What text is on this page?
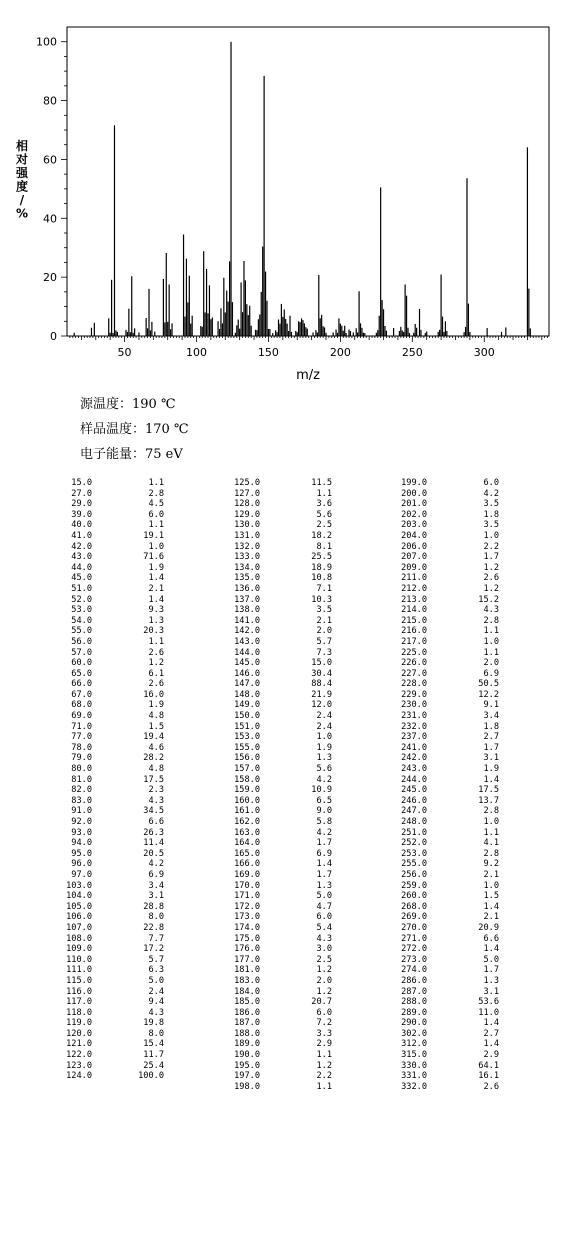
50	100	150	200	250	300
0
20
40
60
80
100
m/z
相对强度/ %
源温度：190 ℃
样品温度：170 ℃
电子能量：75 eV
15.0	1.1
27.0	2.8
29.0	4.5
39.0	6.0
40.0	1.1
41.0	19.1
42.0	1.0
43.0	71.6
44.0	1.9
45.0	1.4
51.0	2.1
52.0	1.4
53.0	9.3
54.0	1.3
55.0	20.3
56.0	1.1
57.0	2.6
60.0	1.2
65.0	6.1
66.0	2.6
67.0	16.0
68.0	1.9
69.0	4.8
71.0	1.5
77.0	19.4
78.0	4.6
79.0	28.2
80.0	4.8
81.0	17.5
82.0	2.3
83.0	4.3
91.0	34.5
92.0	6.6
93.0	26.3
94.0	11.4
95.0	20.5
96.0	4.2
97.0	6.9
103.0	3.4
104.0	3.1
105.0	28.8
106.0	8.0
107.0	22.8
108.0	7.7
109.0	17.2
110.0	5.7
111.0	6.3
115.0	5.0
116.0	2.4
117.0	9.4
118.0	4.3
119.0	19.8
120.0	8.0
121.0	15.4
122.0	11.7
123.0	25.4
124.0	100.0
125.0	11.5
127.0	1.1
128.0	3.6
129.0	5.6
130.0	2.5
131.0	18.2
132.0	8.1
133.0	25.5
134.0	18.9
135.0	10.8
136.0	7.1
137.0	10.3
138.0	3.5
141.0	2.1
142.0	2.0
143.0	5.7
144.0	7.3
145.0	15.0
146.0	30.4
147.0	88.4
148.0	21.9
149.0	12.0
150.0	2.4
151.0	2.4
153.0	1.0
155.0	1.9
156.0	1.3
157.0	5.6
158.0	4.2
159.0	10.9
160.0	6.5
161.0	9.0
162.0	5.8
163.0	4.2
164.0	1.7
165.0	6.9
166.0	1.4
169.0	1.7
170.0	1.3
171.0	5.0
172.0	4.7
173.0	6.0
174.0	5.4
175.0	4.3
176.0	3.0
177.0	2.5
181.0	1.2
183.0	2.0
184.0	1.2
185.0	20.7
186.0	6.0
187.0	7.2
188.0	3.3
189.0	2.9
190.0	1.1
195.0	1.2
197.0	2.2
198.0	1.1
199.0	6.0
200.0	4.2
201.0	3.5
202.0	1.8
203.0	3.5
204.0	1.0
206.0	2.2
207.0	1.7
209.0	1.2
211.0	2.6
212.0	1.2
213.0	15.2
214.0	4.3
215.0	2.8
216.0	1.1
217.0	1.0
225.0	1.1
226.0	2.0
227.0	6.9
228.0	50.5
229.0	12.2
230.0	9.1
231.0	3.4
232.0	1.8
237.0	2.7
241.0	1.7
242.0	3.1
243.0	1.9
244.0	1.4
245.0	17.5
246.0	13.7
247.0	2.8
248.0	1.0
251.0	1.1
252.0	4.1
253.0	2.8
255.0	9.2
256.0	2.1
259.0	1.0
260.0	1.5
268.0	1.4
269.0	2.1
270.0	20.9
271.0	6.6
272.0	1.4
273.0	5.0
274.0	1.7
286.0	1.3
287.0	3.1
288.0	53.6
289.0	11.0
290.0	1.4
302.0	2.7
312.0	1.4
315.0	2.9
330.0	64.1
331.0	16.1
332.0	2.6
